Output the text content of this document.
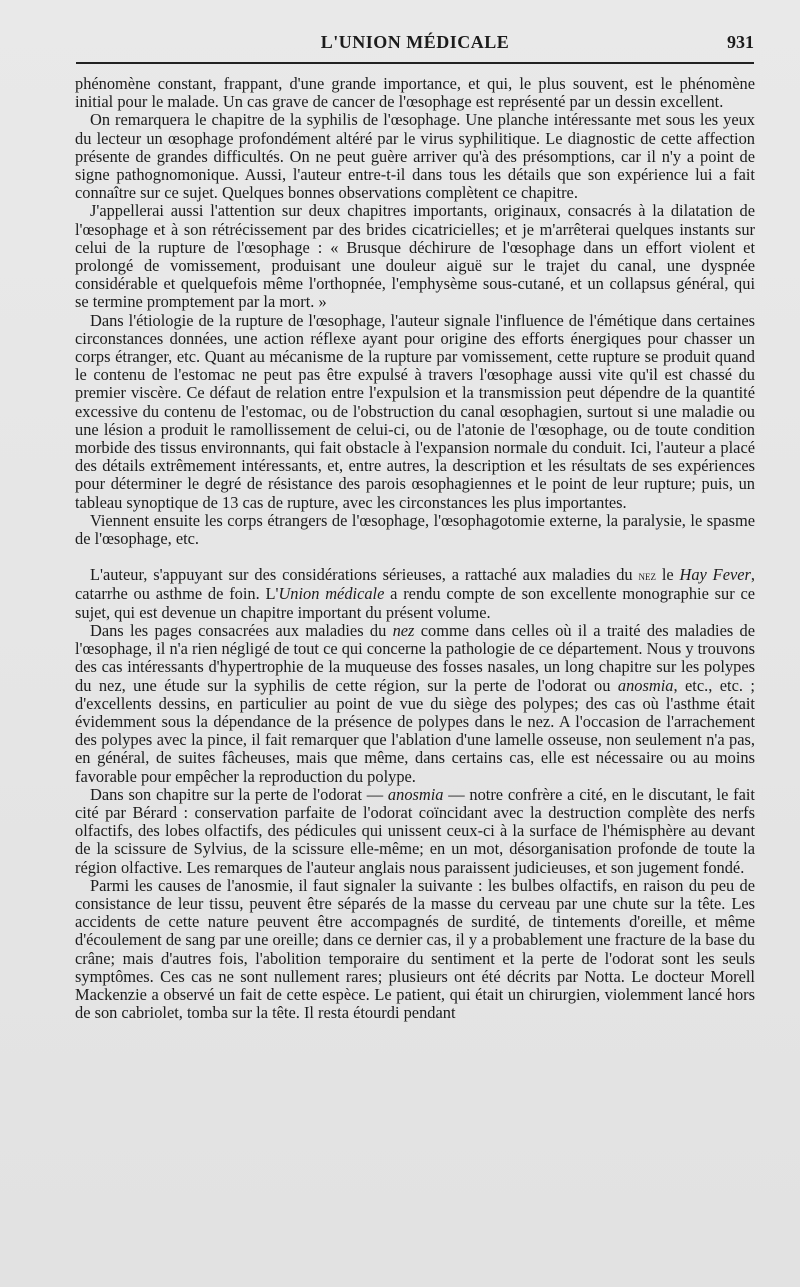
L'UNION MÉDICALE	931

phénomène constant, frappant, d'une grande importance, et qui, le plus souvent, est le phénomène initial pour le malade. Un cas grave de cancer de l'œsophage est représenté par un dessin excellent.

On remarquera le chapitre de la syphilis de l'œsophage. Une planche intéressante met sous les yeux du lecteur un œsophage profondément altéré par le virus syphilitique. Le diagnostic de cette affection présente de grandes difficultés. On ne peut guère arriver qu'à des présomptions, car il n'y a point de signe pathognomonique. Aussi, l'auteur entre-t-il dans tous les détails que son expérience lui a fait connaître sur ce sujet. Quelques bonnes observations complètent ce chapitre.

J'appellerai aussi l'attention sur deux chapitres importants, originaux, consacrés à la dilatation de l'œsophage et à son rétrécissement par des brides cicatricielles; et je m'arrêterai quelques instants sur celui de la rupture de l'œsophage : « Brusque déchirure de l'œsophage dans un effort violent et prolongé de vomissement, produisant une douleur aiguë sur le trajet du canal, une dyspnée considérable et quelquefois même l'orthopnée, l'emphysème sous-cutané, et un collapsus général, qui se termine promptement par la mort. »

Dans l'étiologie de la rupture de l'œsophage, l'auteur signale l'influence de l'émétique dans certaines circonstances données, une action réflexe ayant pour origine des efforts énergiques pour chasser un corps étranger, etc. Quant au mécanisme de la rupture par vomissement, cette rupture se produit quand le contenu de l'estomac ne peut pas être expulsé à travers l'œsophage aussi vite qu'il est chassé du premier viscère. Ce défaut de relation entre l'expulsion et la transmission peut dépendre de la quantité excessive du contenu de l'estomac, ou de l'obstruction du canal œsophagien, surtout si une maladie ou une lésion a produit le ramollissement de celui-ci, ou de l'atonie de l'œsophage, ou de toute condition morbide des tissus environnants, qui fait obstacle à l'expansion normale du conduit. Ici, l'auteur a placé des détails extrêmement intéressants, et, entre autres, la description et les résultats de ses expériences pour déterminer le degré de résistance des parois œsophagiennes et le point de leur rupture; puis, un tableau synoptique de 13 cas de rupture, avec les circonstances les plus importantes.

Viennent ensuite les corps étrangers de l'œsophage, l'œsophagotomie externe, la paralysie, le spasme de l'œsophage, etc.

L'auteur, s'appuyant sur des considérations sérieuses, a rattaché aux maladies du nez le Hay Fever, catarrhe ou asthme de foin. L'Union médicale a rendu compte de son excellente monographie sur ce sujet, qui est devenue un chapitre important du présent volume.

Dans les pages consacrées aux maladies du nez comme dans celles où il a traité des maladies de l'œsophage, il n'a rien négligé de tout ce qui concerne la pathologie de ce département. Nous y trouvons des cas intéressants d'hypertrophie de la muqueuse des fosses nasales, un long chapitre sur les polypes du nez, une étude sur la syphilis de cette région, sur la perte de l'odorat ou anosmia, etc., etc. ; d'excellents dessins, en particulier au point de vue du siège des polypes; des cas où l'asthme était évidemment sous la dépendance de la présence de polypes dans le nez. A l'occasion de l'arrachement des polypes avec la pince, il fait remarquer que l'ablation d'une lamelle osseuse, non seulement n'a pas, en général, de suites fâcheuses, mais que même, dans certains cas, elle est nécessaire ou au moins favorable pour empêcher la reproduction du polype.

Dans son chapitre sur la perte de l'odorat — anosmia — notre confrère a cité, en le discutant, le fait cité par Bérard : conservation parfaite de l'odorat coïncidant avec la destruction complète des nerfs olfactifs, des lobes olfactifs, des pédicules qui unissent ceux-ci à la surface de l'hémisphère au devant de la scissure de Sylvius, de la scissure elle-même; en un mot, désorganisation profonde de toute la région olfactive. Les remarques de l'auteur anglais nous paraissent judicieuses, et son jugement fondé.

Parmi les causes de l'anosmie, il faut signaler la suivante : les bulbes olfactifs, en raison du peu de consistance de leur tissu, peuvent être séparés de la masse du cerveau par une chute sur la tête. Les accidents de cette nature peuvent être accompagnés de surdité, de tintements d'oreille, et même d'écoulement de sang par une oreille; dans ce dernier cas, il y a probablement une fracture de la base du crâne; mais d'autres fois, l'abolition temporaire du sentiment et la perte de l'odorat sont les seuls symptômes. Ces cas ne sont nullement rares; plusieurs ont été décrits par Notta. Le docteur Morell Mackenzie a observé un fait de cette espèce. Le patient, qui était un chirurgien, violemment lancé hors de son cabriolet, tomba sur la tête. Il resta étourdi pendant
